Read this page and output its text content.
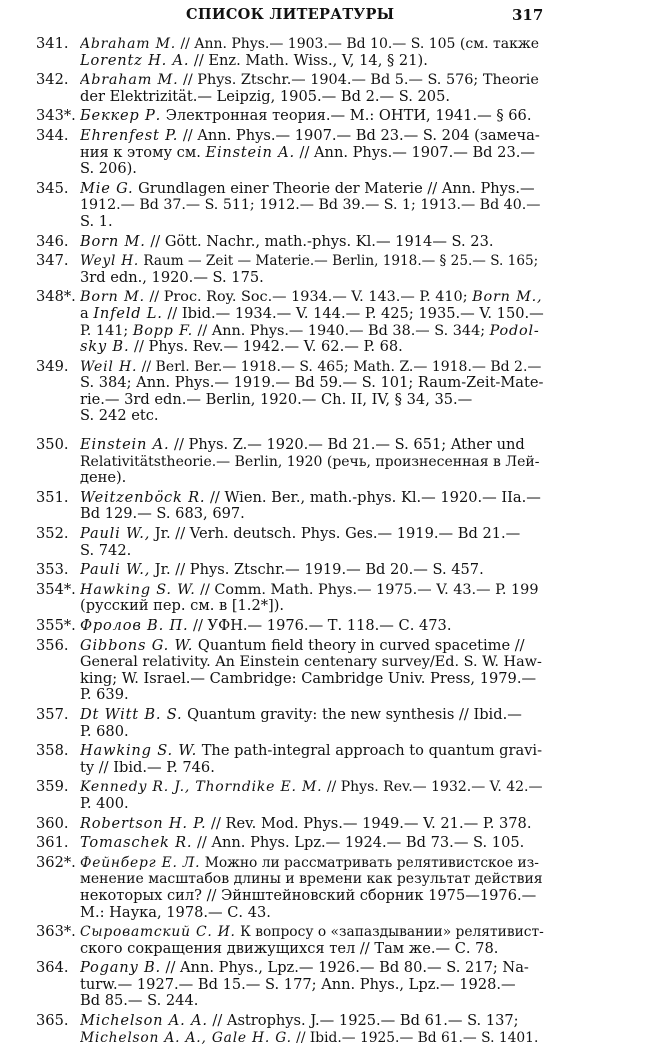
СПИСОК ЛИТЕРАТУРЫ	317
341. Abraham M. // Ann. Phys.— 1903.— Bd 10.— S. 105 (см. также
Lorentz H. A. // Enz. Math. Wiss., V, 14, § 21).
342. Abraham M. // Phys. Ztschr.— 1904.— Bd 5.— S. 576; Theorie
der Elektrizität.— Leipzig, 1905.— Bd 2.— S. 205.
343*. Беккер Р. Электронная теория.— М.: ОНТИ, 1941.— § 66.
344. Ehrenfest P. // Ann. Phys.— 1907.— Bd 23.— S. 204 (замеча-
ния к этому см. Einstein A. // Ann. Phys.— 1907.— Bd 23.—
S. 206).
345. Mie G. Grundlagen einer Theorie der Materie // Ann. Phys.—
1912.— Bd 37.— S. 511; 1912.— Bd 39.— S. 1; 1913.— Bd 40.—
S. 1.
346. Born M. // Gött. Nachr., math.-phys. Kl.— 1914— S. 23.
347. Weyl H. Raum — Zeit — Materie.— Berlin, 1918.— § 25.— S. 165;
3rd edn., 1920.— S. 175.
348*. Born M. // Proc. Roy. Soc.— 1934.— V. 143.— P. 410; Born M.,
a Infeld L. // Ibid.— 1934.— V. 144.— P. 425; 1935.— V. 150.—
P. 141; Bopp F. // Ann. Phys.— 1940.— Bd 38.— S. 344; Podol-
sky B. // Phys. Rev.— 1942.— V. 62.— P. 68.
349. Weil H. // Berl. Ber.— 1918.— S. 465; Math. Z.— 1918.— Bd 2.—
S. 384; Ann. Phys.— 1919.— Bd 59.— S. 101; Raum-Zeit-Mate-
rie.— 3rd edn.— Berlin, 1920.— Ch. II, IV, § 34, 35.—
S. 242 etc.
350. Einstein A. // Phys. Z.— 1920.— Bd 21.— S. 651; Äther und
Relativitätstheorie.— Berlin, 1920 (речь, произнесенная в Лей-
дене).
351. Weitzenböck R. // Wien. Ber., math.-phys. Kl.— 1920.— IIa.—
Bd 129.— S. 683, 697.
352. Pauli W., Jr. // Verh. deutsch. Phys. Ges.— 1919.— Bd 21.—
S. 742.
353. Pauli W., Jr. // Phys. Ztschr.— 1919.— Bd 20.— S. 457.
354*. Hawking S. W. // Comm. Math. Phys.— 1975.— V. 43.— P. 199
(русский пер. см. в [1.2*]).
355*. Фролов В. П. // УФН.— 1976.— Т. 118.— С. 473.
356. Gibbons G. W. Quantum field theory in curved spacetime //
General relativity. An Einstein centenary survey/Ed. S. W. Haw-
king; W. Israel.— Cambridge: Cambridge Univ. Press, 1979.—
P. 639.
357. Dt Witt B. S. Quantum gravity: the new synthesis // Ibid.—
P. 680.
358. Hawking S. W. The path-integral approach to quantum gravi-
ty // Ibid.— P. 746.
359. Kennedy R. J., Thorndike E. M. // Phys. Rev.— 1932.— V. 42.—
P. 400.
360. Robertson H. P. // Rev. Mod. Phys.— 1949.— V. 21.— P. 378.
361. Tomaschek R. // Ann. Phys. Lpz.— 1924.— Bd 73.— S. 105.
362*. Фейнберг Е. Л. Можно ли рассматривать релятивистское из-
менение масштабов длины и времени как результат действия
некоторых сил? // Эйнштейновский сборник 1975—1976.—
М.: Наука, 1978.— С. 43.
363*. Сыроватский С. И. К вопросу о «запаздывании» релятивист-
ского сокращения движущихся тел // Там же.— С. 78.
364. Pogany B. // Ann. Phys., Lpz.— 1926.— Bd 80.— S. 217; Na-
turw.— 1927.— Bd 15.— S. 177; Ann. Phys., Lpz.— 1928.—
Bd 85.— S. 244.
365. Michelson A. A. // Astrophys. J.— 1925.— Bd 61.— S. 137;
Michelson A. A., Gale H. G. // Ibid.— 1925.— Bd 61.— S. 1401.
